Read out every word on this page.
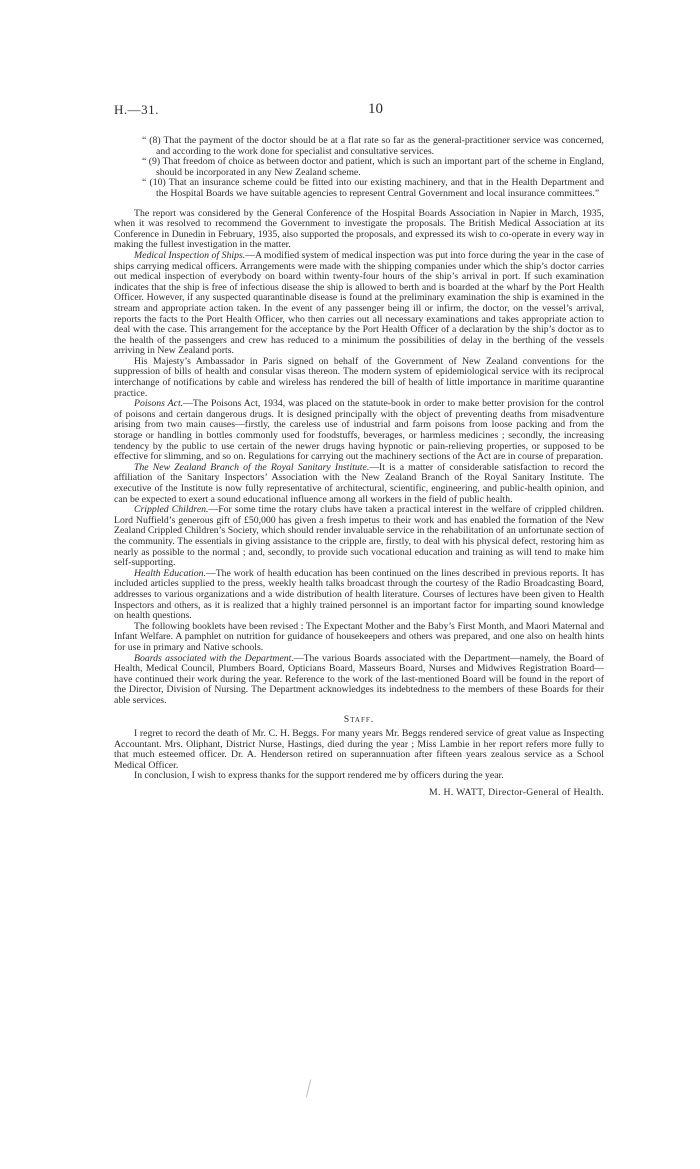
H.—31.	10

“ (8) That the payment of the doctor should be at a flat rate so far as the general-practitioner service was concerned, and according to the work done for specialist and consultative services.

“ (9) That freedom of choice as between doctor and patient, which is such an important part of the scheme in England, should be incorporated in any New Zealand scheme.

“ (10) That an insurance scheme could be fitted into our existing machinery, and that in the Health Department and the Hospital Boards we have suitable agencies to represent Central Government and local insurance committees.”

The report was considered by the General Conference of the Hospital Boards Association in Napier in March, 1935, when it was resolved to recommend the Government to investigate the proposals. The British Medical Association at its Conference in Dunedin in February, 1935, also supported the proposals, and expressed its wish to co-operate in every way in making the fullest investigation in the matter.

Medical Inspection of Ships.—A modified system of medical inspection was put into force during the year in the case of ships carrying medical officers. Arrangements were made with the shipping companies under which the ship’s doctor carries out medical inspection of everybody on board within twenty-four hours of the ship’s arrival in port. If such examination indicates that the ship is free of infectious disease the ship is allowed to berth and is boarded at the wharf by the Port Health Officer. However, if any suspected quarantinable disease is found at the preliminary examination the ship is examined in the stream and appropriate action taken. In the event of any passenger being ill or infirm, the doctor, on the vessel’s arrival, reports the facts to the Port Health Officer, who then carries out all necessary examinations and takes appropriate action to deal with the case. This arrangement for the acceptance by the Port Health Officer of a declaration by the ship’s doctor as to the health of the passengers and crew has reduced to a minimum the possibilities of delay in the berthing of the vessels arriving in New Zealand ports.

His Majesty’s Ambassador in Paris signed on behalf of the Government of New Zealand conventions for the suppression of bills of health and consular visas thereon. The modern system of epidemiological service with its reciprocal interchange of notifications by cable and wireless has rendered the bill of health of little importance in maritime quarantine practice.

Poisons Act.—The Poisons Act, 1934, was placed on the statute-book in order to make better provision for the control of poisons and certain dangerous drugs. It is designed principally with the object of preventing deaths from misadventure arising from two main causes—firstly, the careless use of industrial and farm poisons from loose packing and from the storage or handling in bottles commonly used for foodstuffs, beverages, or harmless medicines ; secondly, the increasing tendency by the public to use certain of the newer drugs having hypnotic or pain-relieving properties, or supposed to be effective for slimming, and so on. Regulations for carrying out the machinery sections of the Act are in course of preparation.

The New Zealand Branch of the Royal Sanitary Institute.—It is a matter of considerable satisfaction to record the affiliation of the Sanitary Inspectors’ Association with the New Zealand Branch of the Royal Sanitary Institute. The executive of the Institute is now fully representative of architectural, scientific, engineering, and public-health opinion, and can be expected to exert a sound educational influence among all workers in the field of public health.

Crippled Children.—For some time the rotary clubs have taken a practical interest in the welfare of crippled children. Lord Nuffield’s generous gift of £50,000 has given a fresh impetus to their work and has enabled the formation of the New Zealand Crippled Children’s Society, which should render invaluable service in the rehabilitation of an unfortunate section of the community. The essentials in giving assistance to the cripple are, firstly, to deal with his physical defect, restoring him as nearly as possible to the normal ; and, secondly, to provide such vocational education and training as will tend to make him self-supporting.

Health Education.—The work of health education has been continued on the lines described in previous reports. It has included articles supplied to the press, weekly health talks broadcast through the courtesy of the Radio Broadcasting Board, addresses to various organizations and a wide distribution of health literature. Courses of lectures have been given to Health Inspectors and others, as it is realized that a highly trained personnel is an important factor for imparting sound knowledge on health questions.

The following booklets have been revised : The Expectant Mother and the Baby’s First Month, and Maori Maternal and Infant Welfare. A pamphlet on nutrition for guidance of housekeepers and others was prepared, and one also on health hints for use in primary and Native schools.

Boards associated with the Department.—The various Boards associated with the Department—namely, the Board of Health, Medical Council, Plumbers Board, Opticians Board, Masseurs Board, Nurses and Midwives Registration Board—have continued their work during the year. Reference to the work of the last-mentioned Board will be found in the report of the Director, Division of Nursing. The Department acknowledges its indebtedness to the members of these Boards for their able services.

Staff.

I regret to record the death of Mr. C. H. Beggs. For many years Mr. Beggs rendered service of great value as Inspecting Accountant. Mrs. Oliphant, District Nurse, Hastings, died during the year ; Miss Lambie in her report refers more fully to that much esteemed officer. Dr. A. Henderson retired on superannuation after fifteen years zealous service as a School Medical Officer.

In conclusion, I wish to express thanks for the support rendered me by officers during the year.

M. H. WATT, Director-General of Health.
